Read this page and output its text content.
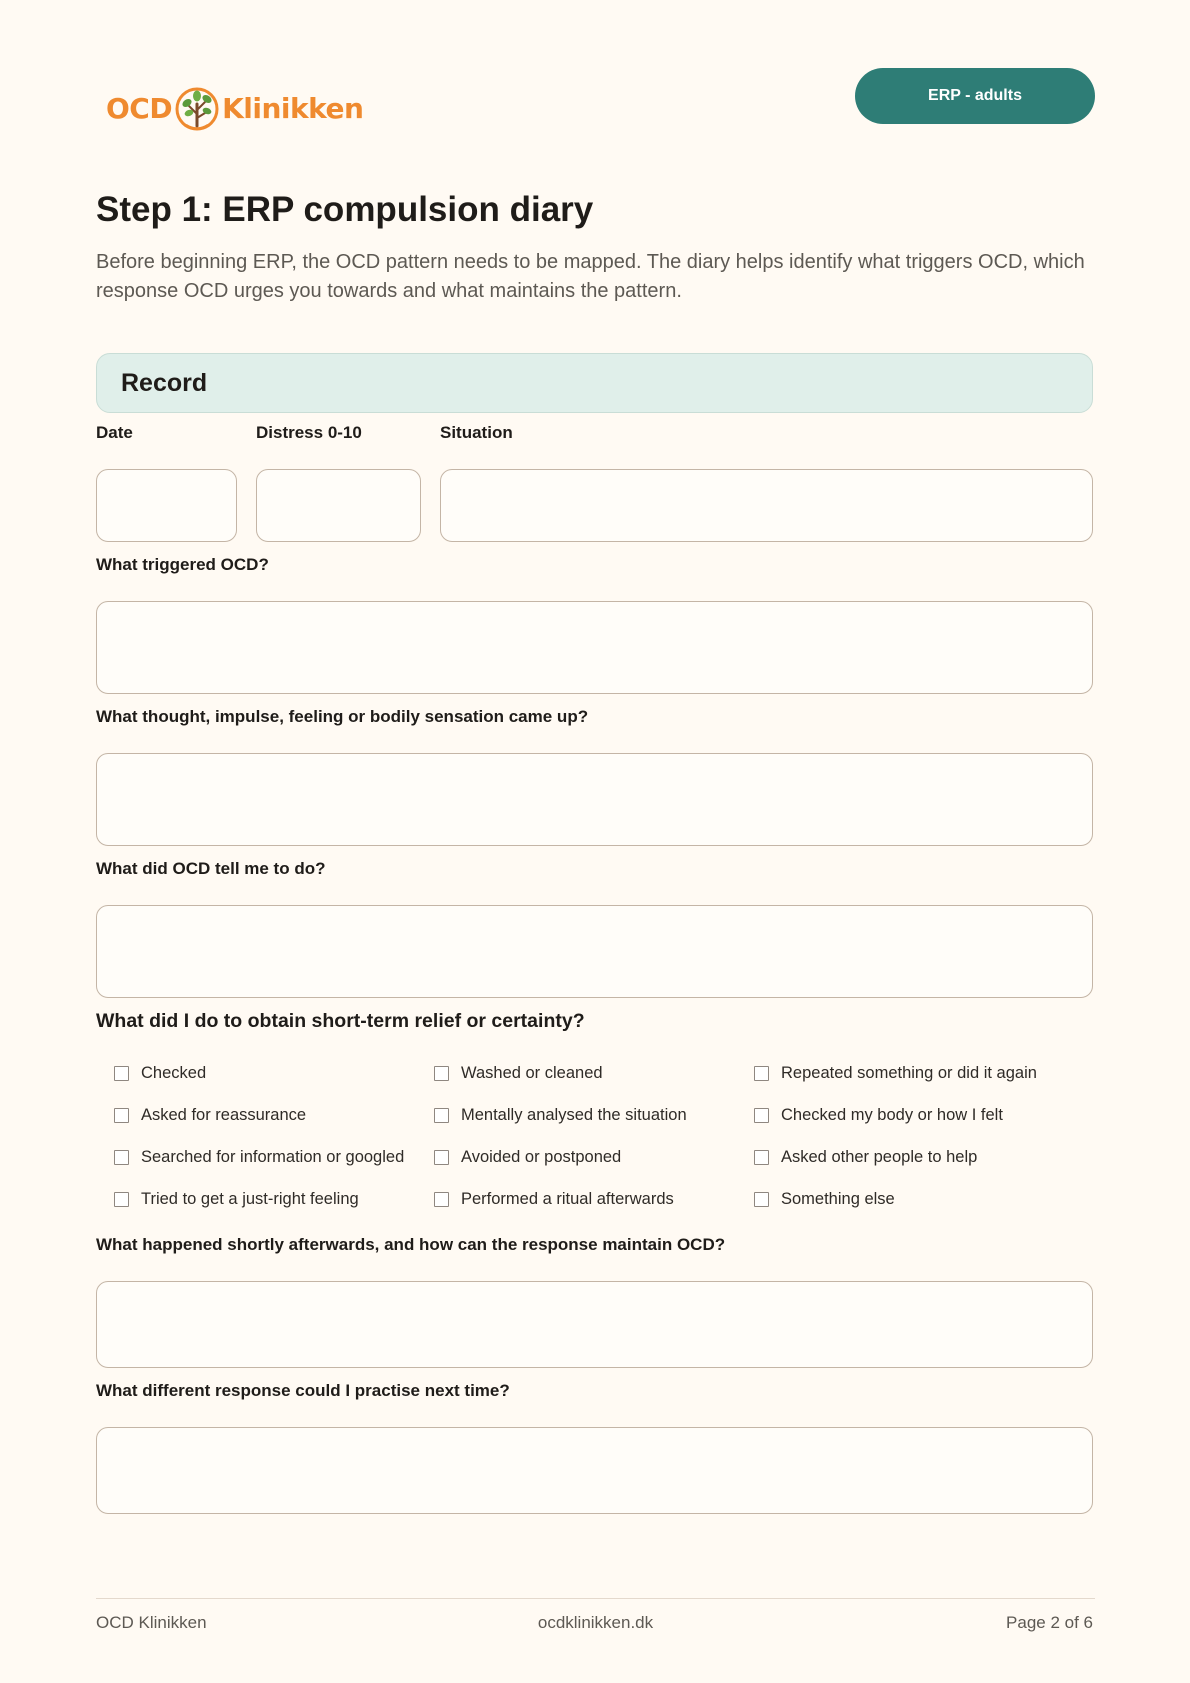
OCD Klinikken	ERP - adults
Step 1: ERP compulsion diary

Before beginning ERP, the OCD pattern needs to be mapped. The diary helps identify what triggers OCD, which response OCD urges you towards and what maintains the pattern.

Record

Date	Distress 0-10	Situation

What triggered OCD?

What thought, impulse, feeling or bodily sensation came up?

What did OCD tell me to do?

What did I do to obtain short-term relief or certainty?

Checked	Washed or cleaned	Repeated something or did it again
Asked for reassurance	Mentally analysed the situation	Checked my body or how I felt
Searched for information or googled	Avoided or postponed	Asked other people to help
Tried to get a just-right feeling	Performed a ritual afterwards	Something else

What happened shortly afterwards, and how can the response maintain OCD?

What different response could I practise next time?

OCD Klinikken	ocdklinikken.dk	Page 2 of 6
